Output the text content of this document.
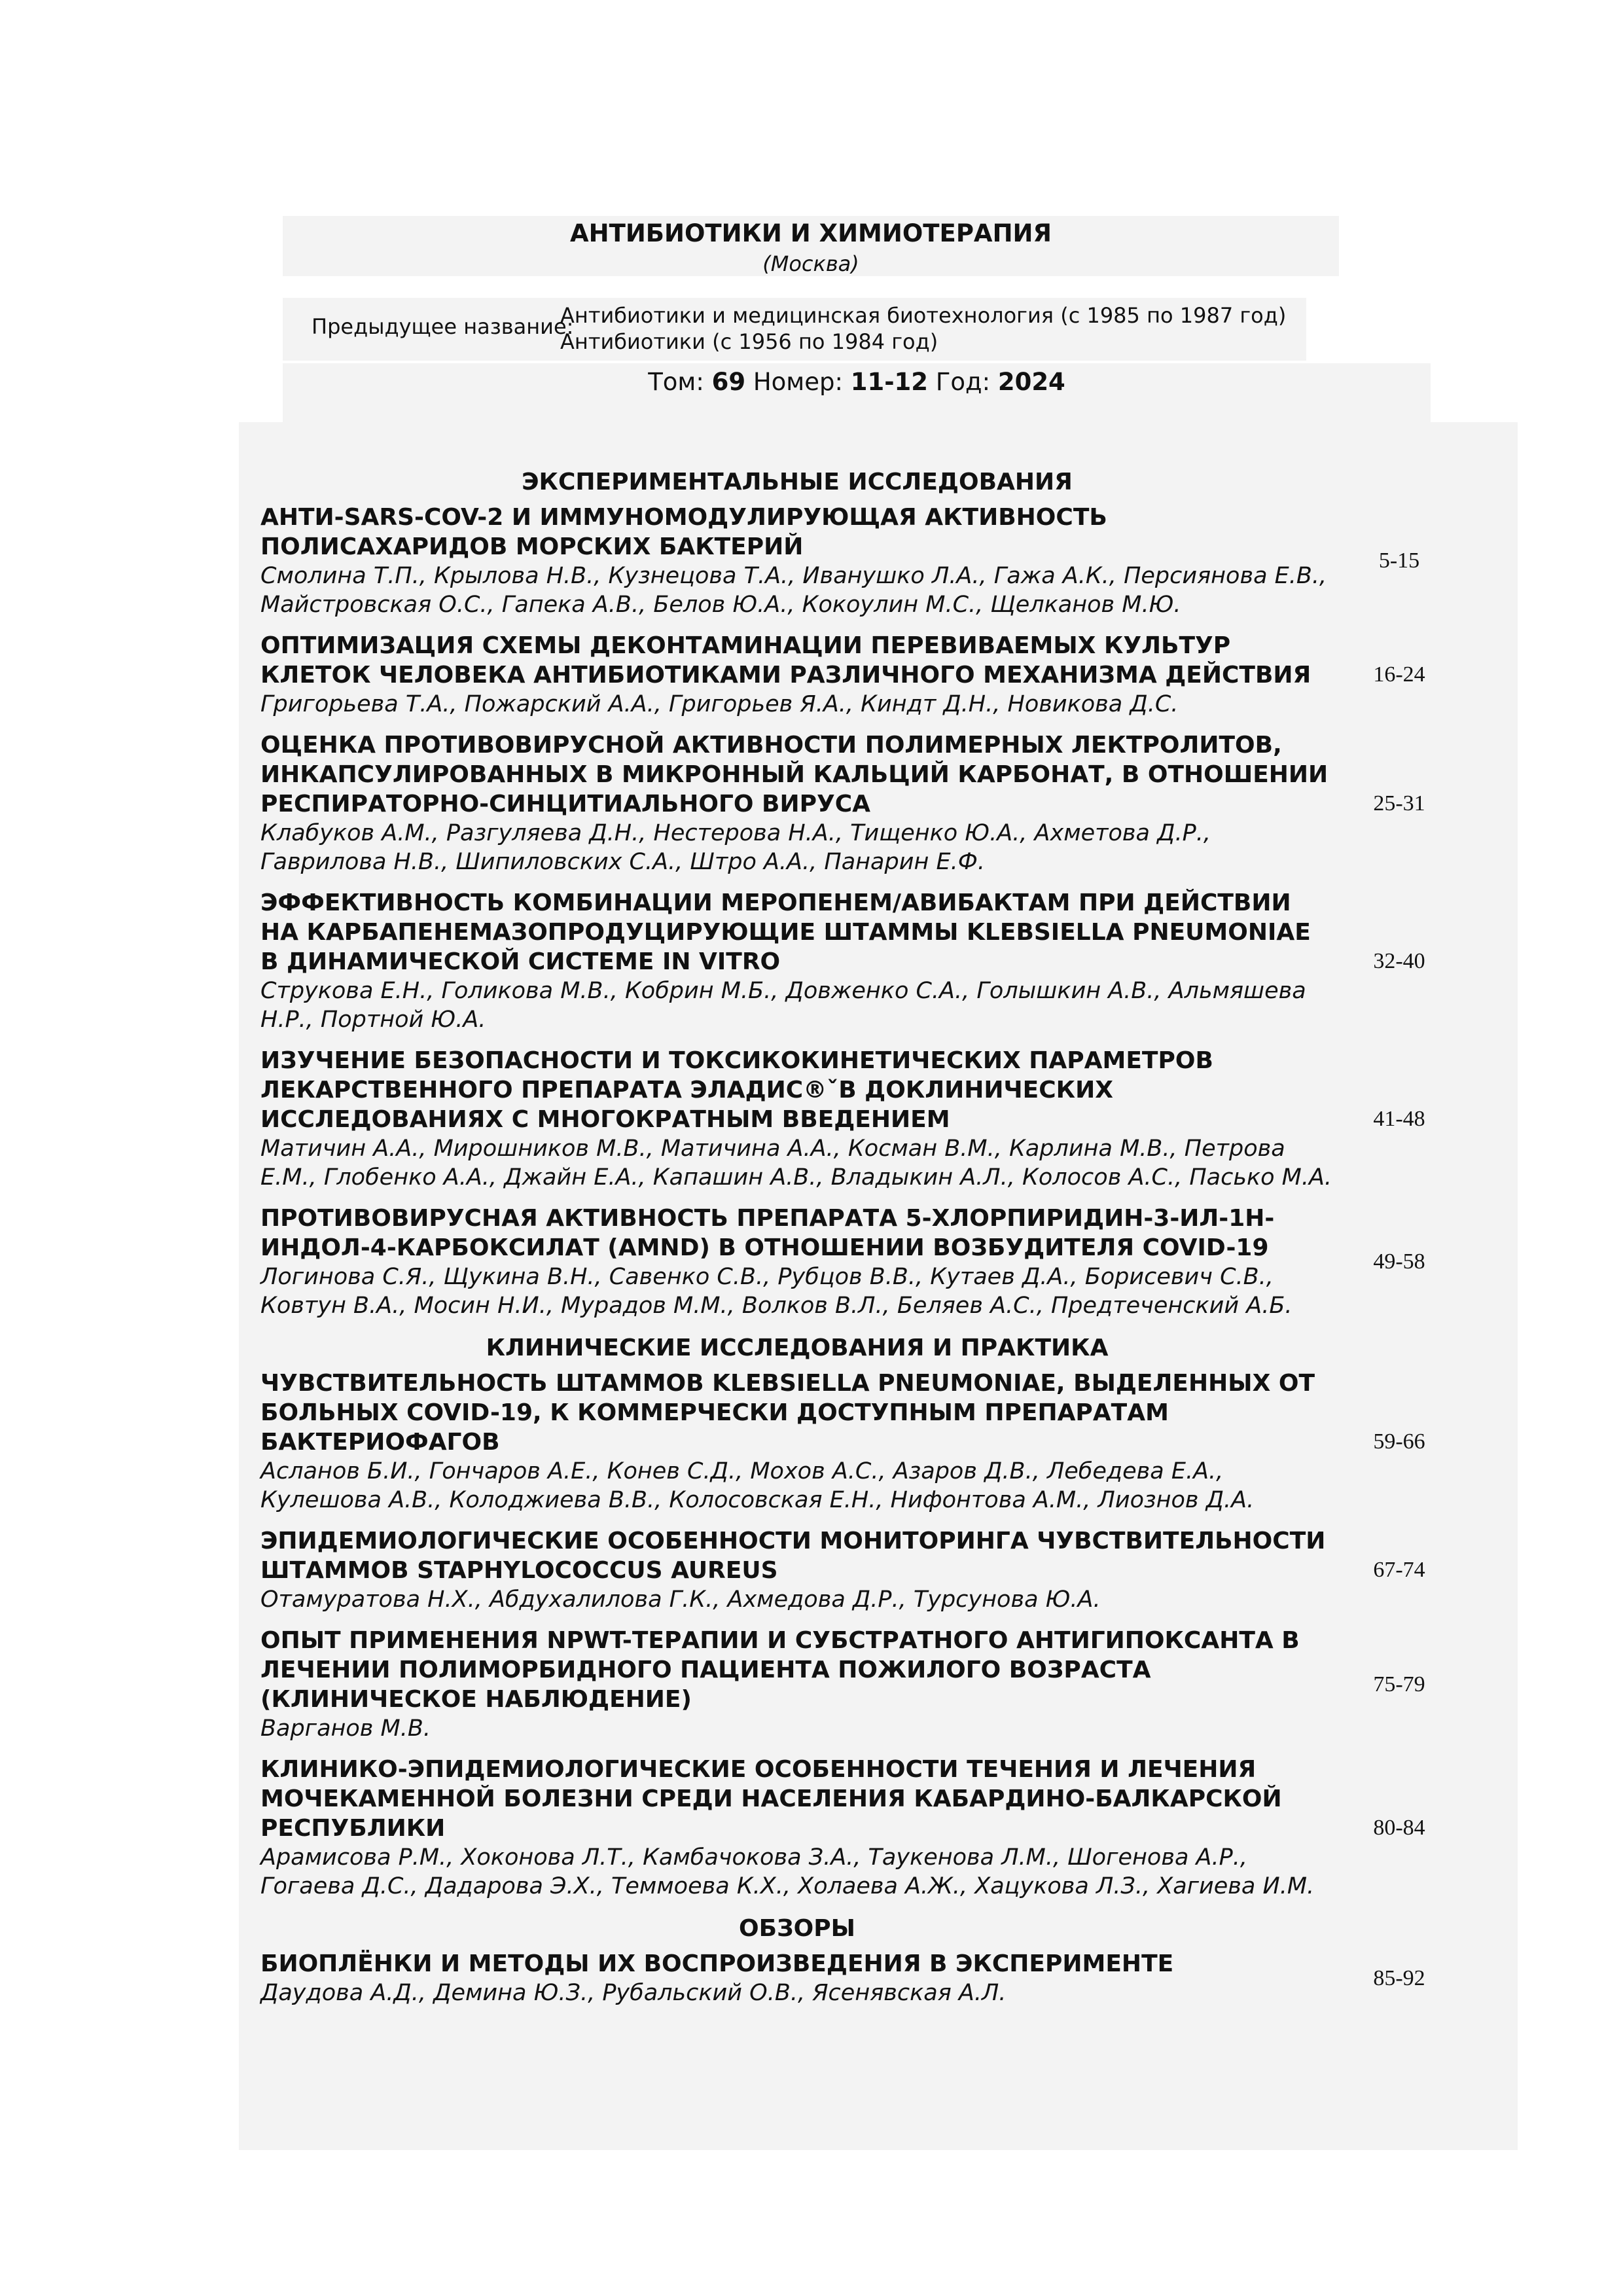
АНТИБИОТИКИ И ХИМИОТЕРАПИЯ
(Москва)
Предыдущее название:
Антибиотики и медицинская биотехнология (с 1985 по 1987 год)
Антибиотики (с 1956 по 1984 год)
Том: 69 Номер: 11-12 Год: 2024
ЭКСПЕРИМЕНТАЛЬНЫЕ ИССЛЕДОВАНИЯ
АНТИ-SARS-COV-2 И ИММУНОМОДУЛИРУЮЩАЯ АКТИВНОСТЬ ПОЛИСАХАРИДОВ МОРСКИХ БАКТЕРИЙ
Смолина Т.П., Крылова Н.В., Кузнецова Т.А., Иванушко Л.А., Гажа А.К., Персиянова Е.В., Майстровская О.С., Гапека А.В., Белов Ю.А., Кокоулин М.С., Щелканов М.Ю.
5-15
ОПТИМИЗАЦИЯ СХЕМЫ ДЕКОНТАМИНАЦИИ ПЕРЕВИВАЕМЫХ КУЛЬТУР КЛЕТОК ЧЕЛОВЕКА АНТИБИОТИКАМИ РАЗЛИЧНОГО МЕХАНИЗМА ДЕЙСТВИЯ
Григорьева Т.А., Пожарский А.А., Григорьев Я.А., Киндт Д.Н., Новикова Д.С.
16-24
ОЦЕНКА ПРОТИВОВИРУСНОЙ АКТИВНОСТИ ПОЛИМЕРНЫХ ЛЕКТРОЛИТОВ, ИНКАПСУЛИРОВАННЫХ В МИКРОННЫЙ КАЛЬЦИЙ КАРБОНАТ, В ОТНОШЕНИИ РЕСПИРАТОРНО-СИНЦИТИАЛЬНОГО ВИРУСА
Клабуков А.М., Разгуляева Д.Н., Нестерова Н.А., Тищенко Ю.А., Ахметова Д.Р., Гаврилова Н.В., Шипиловских С.А., Штро А.А., Панарин Е.Ф.
25-31
ЭФФЕКТИВНОСТЬ КОМБИНАЦИИ МЕРОПЕНЕМ/АВИБАКТАМ ПРИ ДЕЙСТВИИ НА КАРБАПЕНЕМАЗОПРОДУЦИРУЮЩИЕ ШТАММЫ KLEBSIELLA PNEUMONIAE В ДИНАМИЧЕСКОЙ СИСТЕМЕ IN VITRO
Струкова Е.Н., Голикова М.В., Кобрин М.Б., Довженко С.А., Голышкин А.В., Альмяшева Н.Р., Портной Ю.А.
32-40
ИЗУЧЕНИЕ БЕЗОПАСНОСТИ И ТОКСИКОКИНЕТИЧЕСКИХ ПАРАМЕТРОВ ЛЕКАРСТВЕННОГО ПРЕПАРАТА ЭЛАДИС®ˇВ ДОКЛИНИЧЕСКИХ ИССЛЕДОВАНИЯХ С МНОГОКРАТНЫМ ВВЕДЕНИЕМ
Матичин А.А., Мирошников М.В., Матичина А.А., Косман В.М., Карлина М.В., Петрова Е.М., Глобенко А.А., Джайн Е.А., Капашин А.В., Владыкин А.Л., Колосов А.С., Пасько М.А.
41-48
ПРОТИВОВИРУСНАЯ АКТИВНОСТЬ ПРЕПАРАТА 5-ХЛОРПИРИДИН-3-ИЛ-1Н-ИНДОЛ-4-КАРБОКСИЛАТ (AMND) В ОТНОШЕНИИ ВОЗБУДИТЕЛЯ COVID-19
Логинова С.Я., Щукина В.Н., Савенко С.В., Рубцов В.В., Кутаев Д.А., Борисевич С.В., Ковтун В.А., Мосин Н.И., Мурадов М.М., Волков В.Л., Беляев А.С., Предтеченский А.Б.
49-58
КЛИНИЧЕСКИЕ ИССЛЕДОВАНИЯ И ПРАКТИКА
ЧУВСТВИТЕЛЬНОСТЬ ШТАММОВ KLEBSIELLA PNEUMONIAE, ВЫДЕЛЕННЫХ ОТ БОЛЬНЫХ COVID-19, К КОММЕРЧЕСКИ ДОСТУПНЫМ ПРЕПАРАТАМ БАКТЕРИОФАГОВ
Асланов Б.И., Гончаров А.Е., Конев С.Д., Мохов А.С., Азаров Д.В., Лебедева Е.А., Кулешова А.В., Колоджиева В.В., Колосовская Е.Н., Нифонтова А.М., Лиознов Д.А.
59-66
ЭПИДЕМИОЛОГИЧЕСКИЕ ОСОБЕННОСТИ МОНИТОРИНГА ЧУВСТВИТЕЛЬНОСТИ ШТАММОВ STAPHYLOCOCCUS AUREUS
Отамуратова Н.Х., Абдухалилова Г.К., Ахмедова Д.Р., Турсунова Ю.А.
67-74
ОПЫТ ПРИМЕНЕНИЯ NPWT-ТЕРАПИИ И СУБСТРАТНОГО АНТИГИПОКСАНТА В ЛЕЧЕНИИ ПОЛИМОРБИДНОГО ПАЦИЕНТА ПОЖИЛОГО ВОЗРАСТА (КЛИНИЧЕСКОЕ НАБЛЮДЕНИЕ)
Варганов М.В.
75-79
КЛИНИКО-ЭПИДЕМИОЛОГИЧЕСКИЕ ОСОБЕННОСТИ ТЕЧЕНИЯ И ЛЕЧЕНИЯ МОЧЕКАМЕННОЙ БОЛЕЗНИ СРЕДИ НАСЕЛЕНИЯ КАБАРДИНО-БАЛКАРСКОЙ РЕСПУБЛИКИ
Арамисова Р.М., Хоконова Л.Т., Камбачокова З.А., Таукенова Л.М., Шогенова А.Р., Гогаева Д.С., Дадарова Э.Х., Теммоева К.Х., Холаева А.Ж., Хацукова Л.З., Хагиева И.М.
80-84
ОБЗОРЫ
БИОПЛЁНКИ И МЕТОДЫ ИХ ВОСПРОИЗВЕДЕНИЯ В ЭКСПЕРИМЕНТЕ
Даудова А.Д., Демина Ю.З., Рубальский О.В., Ясенявская А.Л.
85-92
